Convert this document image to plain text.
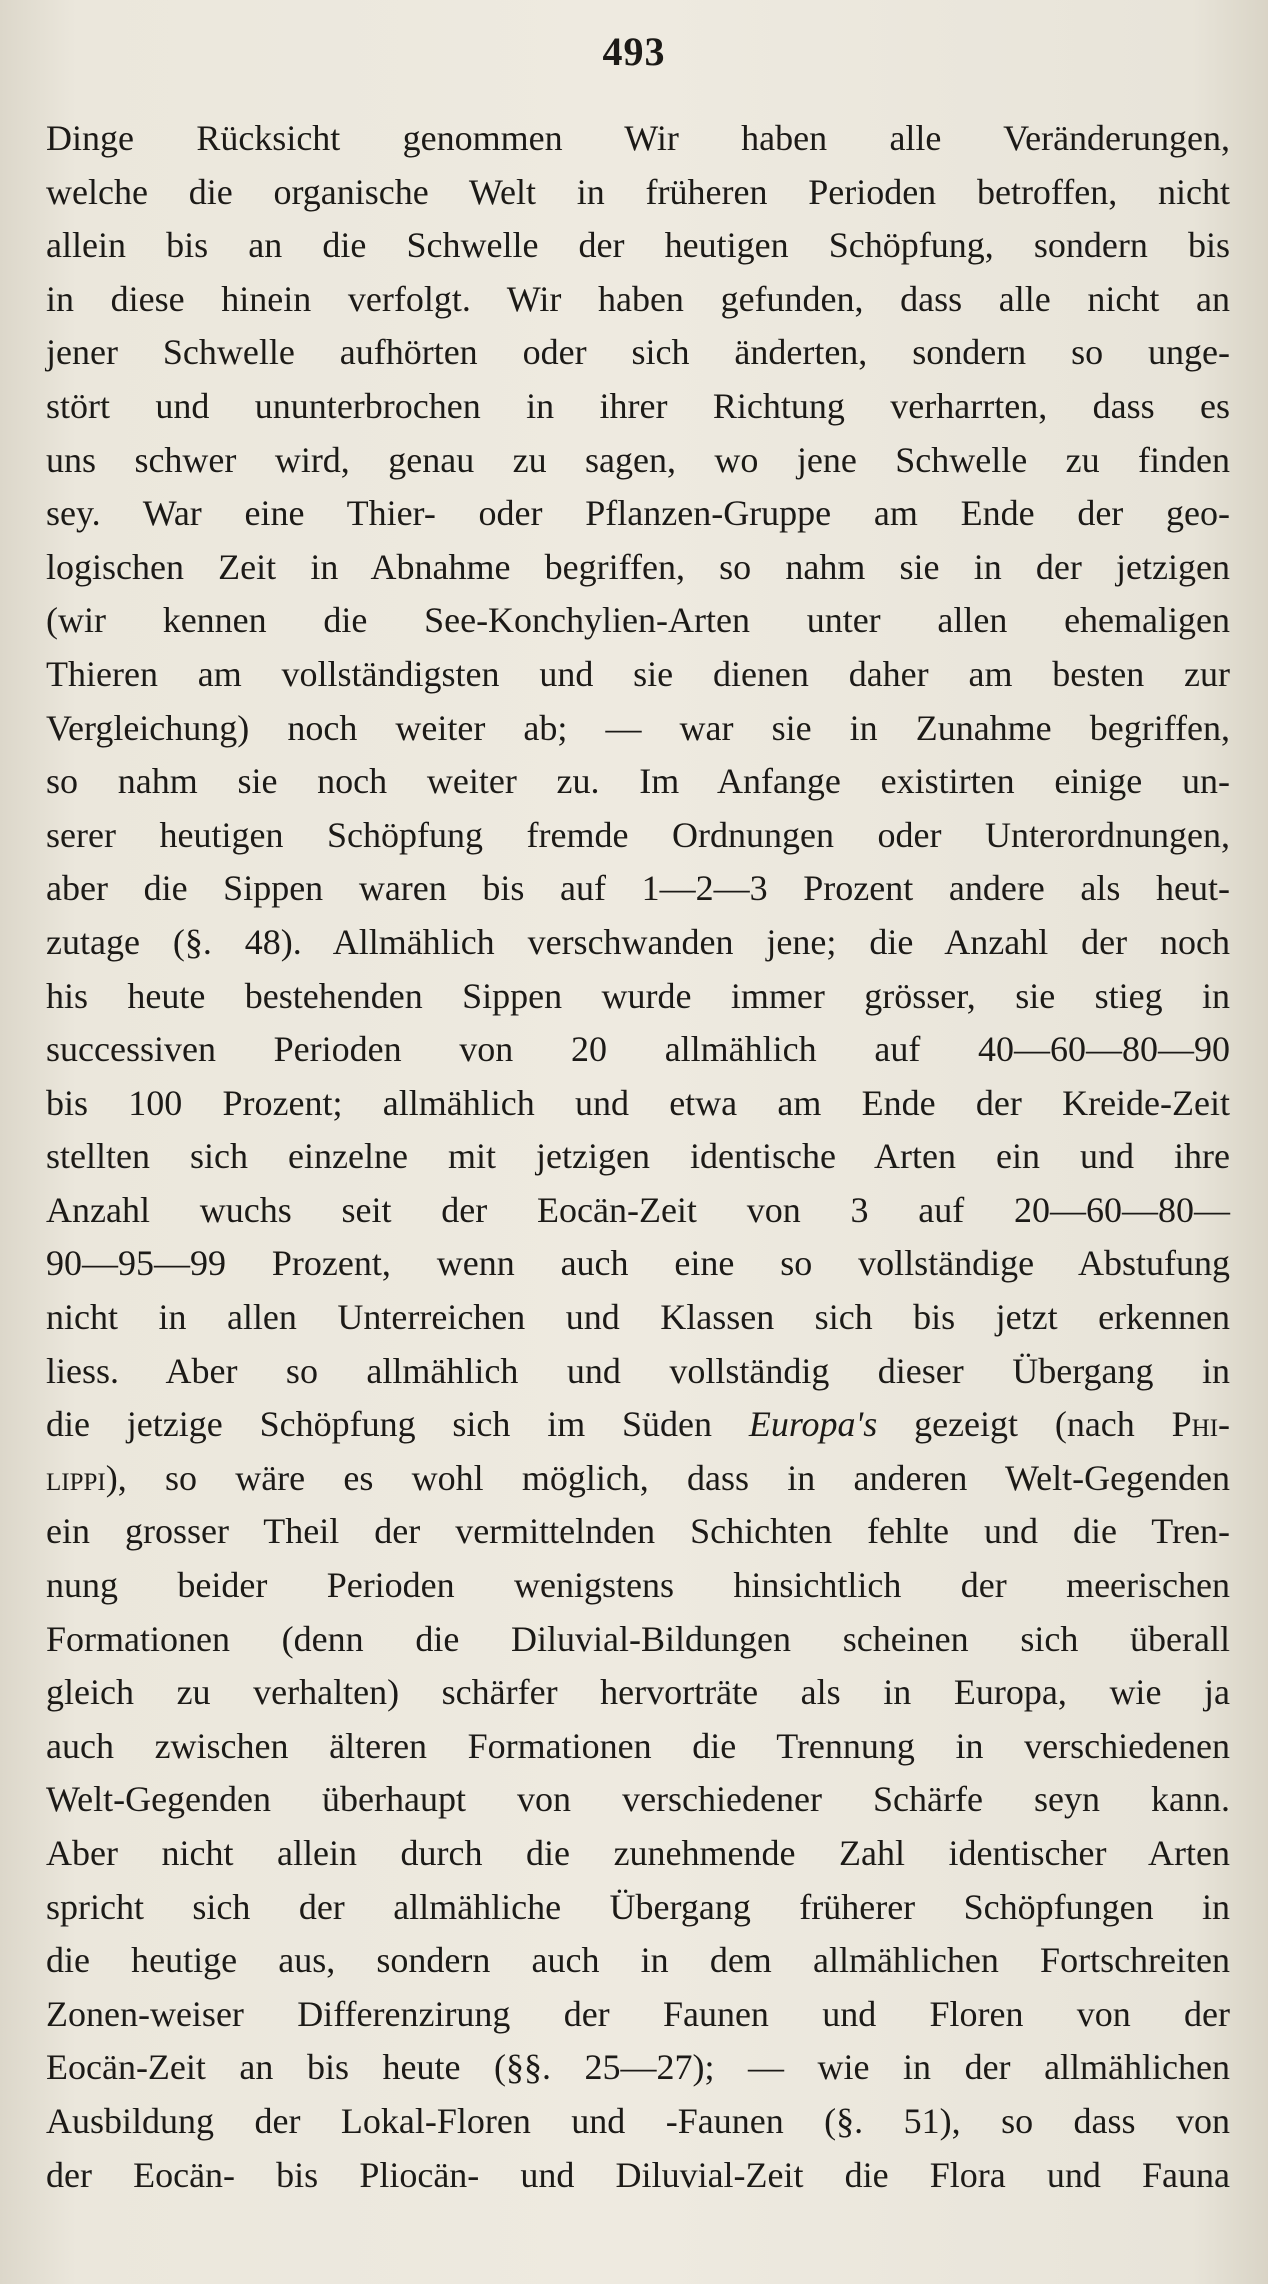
493
Dinge Rücksicht genommen Wir haben alle Veränderungen,
welche die organische Welt in früheren Perioden betroffen, nicht
allein bis an die Schwelle der heutigen Schöpfung, sondern bis
in diese hinein verfolgt. Wir haben gefunden, dass alle nicht an
jener Schwelle aufhörten oder sich änderten, sondern so unge-
stört und ununterbrochen in ihrer Richtung verharrten, dass es
uns schwer wird, genau zu sagen, wo jene Schwelle zu finden
sey. War eine Thier- oder Pflanzen-Gruppe am Ende der geo-
logischen Zeit in Abnahme begriffen, so nahm sie in der jetzigen
(wir kennen die See-Konchylien-Arten unter allen ehemaligen
Thieren am vollständigsten und sie dienen daher am besten zur
Vergleichung) noch weiter ab; — war sie in Zunahme begriffen,
so nahm sie noch weiter zu. Im Anfange existirten einige un-
serer heutigen Schöpfung fremde Ordnungen oder Unterordnungen,
aber die Sippen waren bis auf 1—2—3 Prozent andere als heut-
zutage (§. 48). Allmählich verschwanden jene; die Anzahl der noch
his heute bestehenden Sippen wurde immer grösser, sie stieg in
successiven Perioden von 20 allmählich auf 40—60—80—90
bis 100 Prozent; allmählich und etwa am Ende der Kreide-Zeit
stellten sich einzelne mit jetzigen identische Arten ein und ihre
Anzahl wuchs seit der Eocän-Zeit von 3 auf 20—60—80—
90—95—99 Prozent, wenn auch eine so vollständige Abstufung
nicht in allen Unterreichen und Klassen sich bis jetzt erkennen
liess. Aber so allmählich und vollständig dieser Übergang in
die jetzige Schöpfung sich im Süden Europa's gezeigt (nach Phi-
lippi), so wäre es wohl möglich, dass in anderen Welt-Gegenden
ein grosser Theil der vermittelnden Schichten fehlte und die Tren-
nung beider Perioden wenigstens hinsichtlich der meerischen
Formationen (denn die Diluvial-Bildungen scheinen sich überall
gleich zu verhalten) schärfer hervorträte als in Europa, wie ja
auch zwischen älteren Formationen die Trennung in verschiedenen
Welt-Gegenden überhaupt von verschiedener Schärfe seyn kann.
Aber nicht allein durch die zunehmende Zahl identischer Arten
spricht sich der allmähliche Übergang früherer Schöpfungen in
die heutige aus, sondern auch in dem allmählichen Fortschreiten
Zonen-weiser Differenzirung der Faunen und Floren von der
Eocän-Zeit an bis heute (§§. 25—27); — wie in der allmählichen
Ausbildung der Lokal-Floren und -Faunen (§. 51), so dass von
der Eocän- bis Pliocän- und Diluvial-Zeit die Flora und Fauna
